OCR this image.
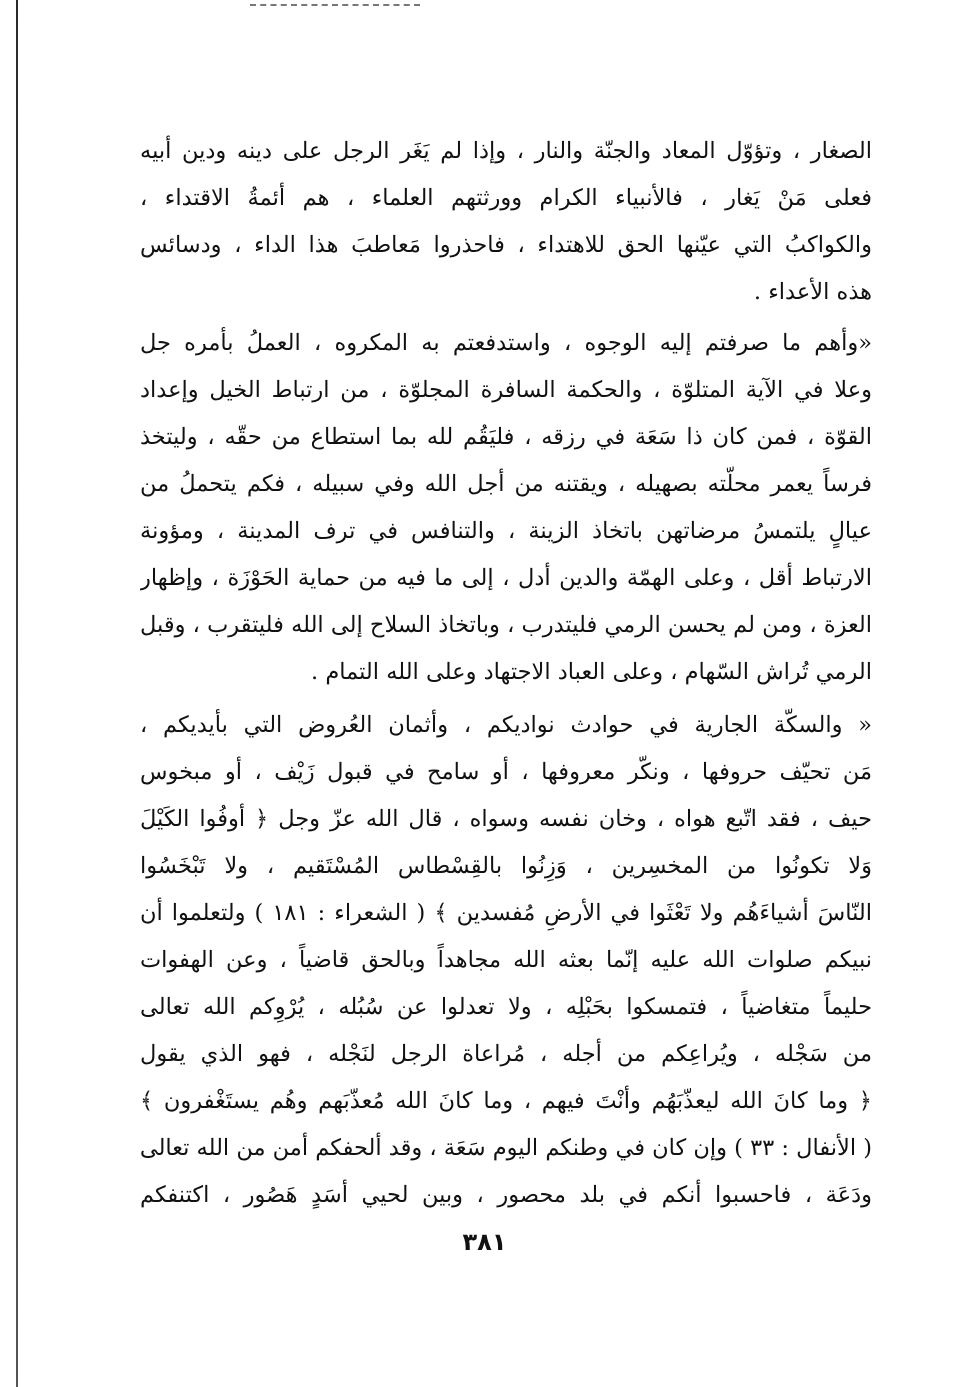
الصغار ، وتؤوّل المعاد والجنّة والنار ، وإذا لم يَغَر الرجل على دينه ودين أبيه
فعلى مَنْ يَغار ، فالأنبياء الكرام وورثتهم العلماء ، هم أئمةُ الاقتداء ،
والكواكبُ التي عيّنها الحق للاهتداء ، فاحذروا مَعاطبَ هذا الداء ، ودسائس
هذه الأعداء .
«وأهم ما صرفتم إليه الوجوه ، واستدفعتم به المكروه ، العملُ بأمره جل
وعلا في الآية المتلوّة ، والحكمة السافرة المجلوّة ، من ارتباط الخيل وإعداد
القوّة ، فمن كان ذا سَعَة في رزقه ، فليَقُم لله بما استطاع من حقّه ، وليتخذ
فرساً يعمر محلّته بصهيله ، ويقتنه من أجل الله وفي سبيله ، فكم يتحملُ من
عيالٍ يلتمسُ مرضاتهن باتخاذ الزينة ، والتنافس في ترف المدينة ، ومؤونة
الارتباط أقل ، وعلى الهمّة والدين أدل ، إلى ما فيه من حماية الحَوْزَة ، وإظهار
العزة ، ومن لم يحسن الرمي فليتدرب ، وباتخاذ السلاح إلى الله فليتقرب ، وقبل
الرمي تُراش السّهام ، وعلى العباد الاجتهاد وعلى الله التمام .
« والسكّة الجارية في حوادث نواديكم ، وأثمان العُروض التي بأيديكم ،
مَن تحيّف حروفها ، ونكّر معروفها ، أو سامح في قبول زَيْف ، أو مبخوس
حيف ، فقد اتّبع هواه ، وخان نفسه وسواه ، قال الله عزّ وجل ﴿ أوفُوا الكَيْلَ
وَلا تكونُوا من المخسِرين ، وَزِنُوا بالقِسْطاس المُسْتَقيم ، ولا تَبْخَسُوا
النّاسَ أشياءَهُم ولا تَعْثَوا في الأرضِ مُفسدين ﴾ ( الشعراء : ١٨١ ) ولتعلموا أن
نبيكم صلوات الله عليه إنّما بعثه الله مجاهداً وبالحق قاضياً ، وعن الهفوات
حليماً متغاضياً ، فتمسكوا بحَبْلِه ، ولا تعدلوا عن سُبُله ، يُرْوِكم الله تعالى
من سَجْله ، ويُراعِكم من أجله ، مُراعاة الرجل لنَجْله ، فهو الذي يقول
﴿ وما كانَ الله ليعذّبَهُم وأنْتَ فيهم ، وما كانَ الله مُعذّبَهم وهُم يستَغْفرون ﴾
( الأنفال : ٣٣ ) وإن كان في وطنكم اليوم سَعَة ، وقد ألحفكم أمن من الله تعالى
ودَعَة ، فاحسبوا أنكم في بلد محصور ، وبين لحيي أسَدٍ هَصُور ، اكتنفكم
٣٨١
